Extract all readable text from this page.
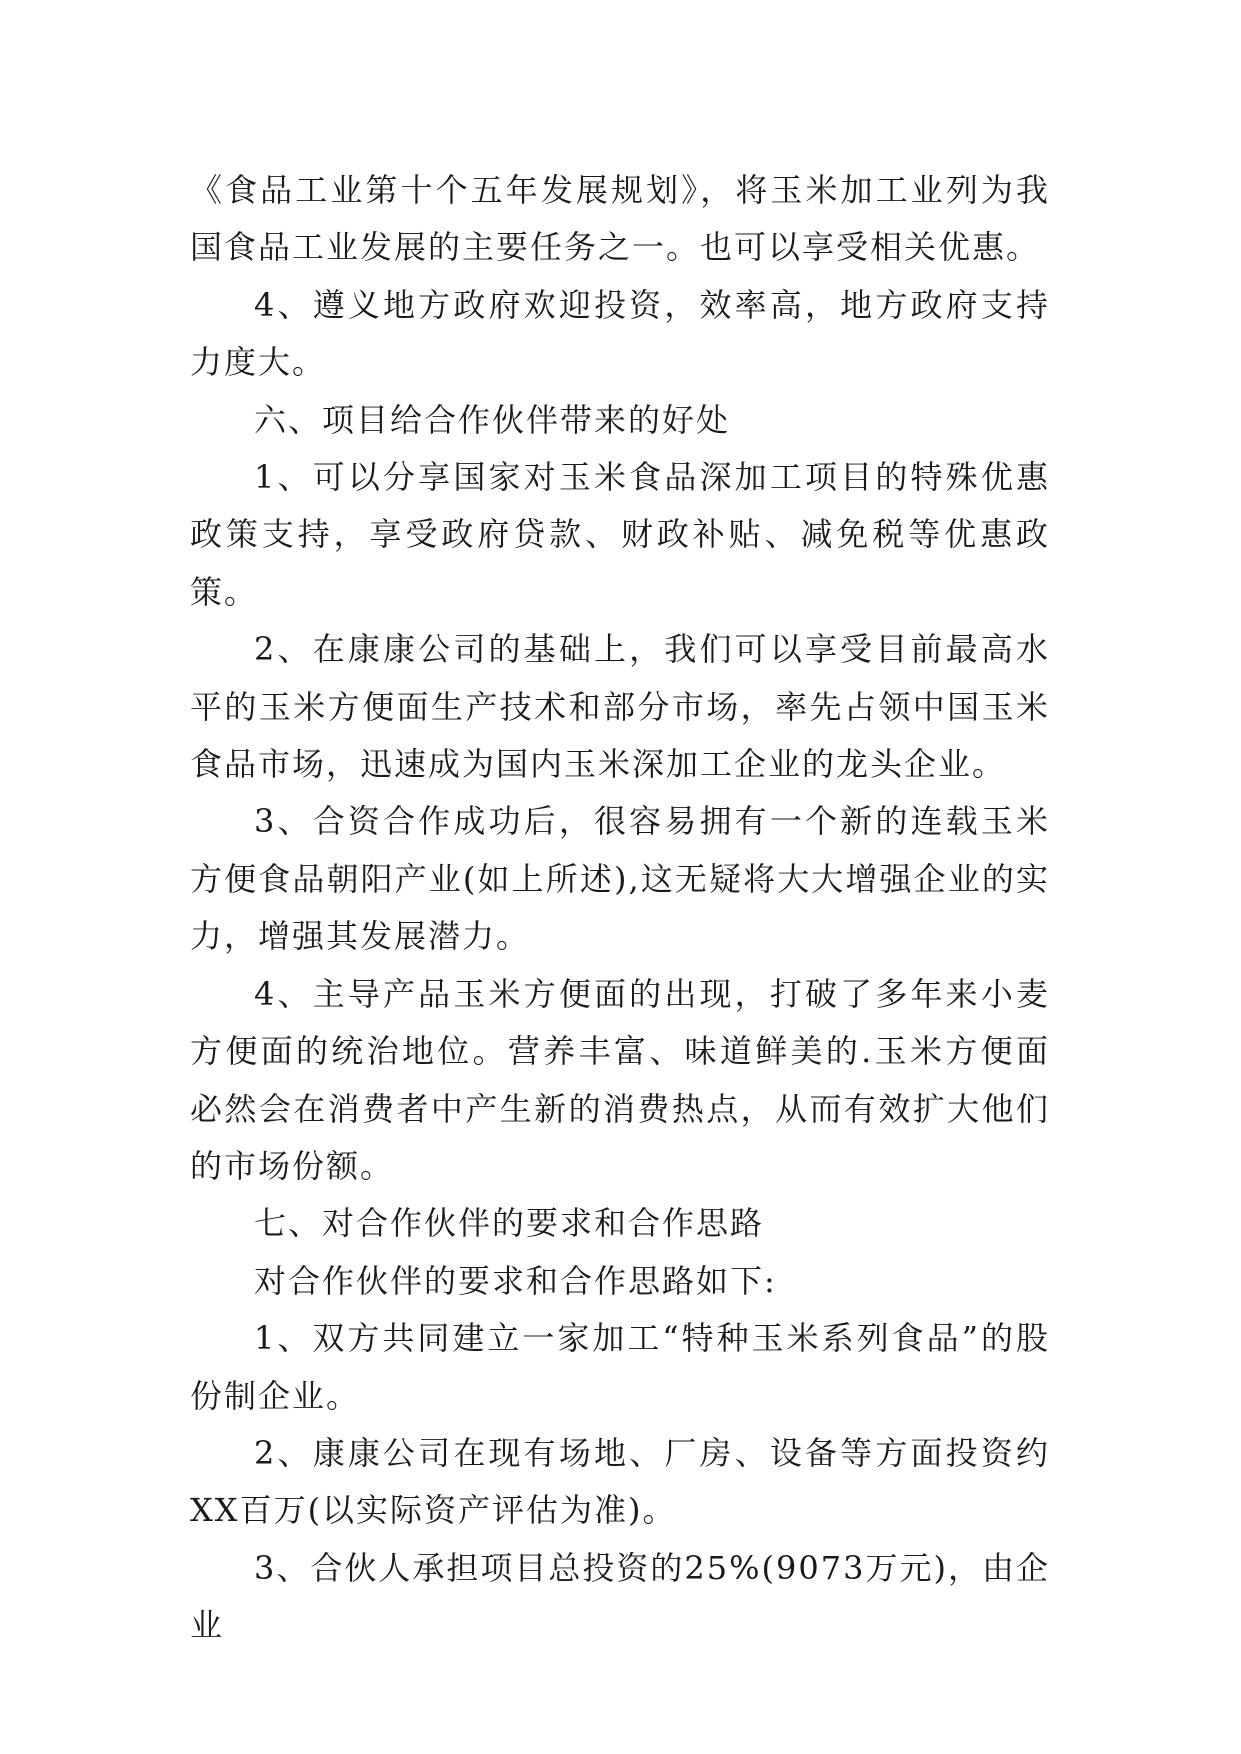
《食品工业第十个五年发展规划》，将玉米加工业列为我国食品工业发展的主要任务之一。也可以享受相关优惠。

4、遵义地方政府欢迎投资，效率高，地方政府支持力度大。

六、项目给合作伙伴带来的好处

1、可以分享国家对玉米食品深加工项目的特殊优惠政策支持，享受政府贷款、财政补贴、减免税等优惠政策。

2、在康康公司的基础上，我们可以享受目前最高水平的玉米方便面生产技术和部分市场，率先占领中国玉米食品市场，迅速成为国内玉米深加工企业的龙头企业。

3、合资合作成功后，很容易拥有一个新的连载玉米方便食品朝阳产业(如上所述),这无疑将大大增强企业的实力，增强其发展潜力。

4、主导产品玉米方便面的出现，打破了多年来小麦方便面的统治地位。营养丰富、味道鲜美的.玉米方便面必然会在消费者中产生新的消费热点，从而有效扩大他们的市场份额。

七、对合作伙伴的要求和合作思路

对合作伙伴的要求和合作思路如下:

1、双方共同建立一家加工“特种玉米系列食品”的股份制企业。

2、康康公司在现有场地、厂房、设备等方面投资约XX百万(以实际资产评估为准)。

3、合伙人承担项目总投资的25%(9073万元)，由企业
